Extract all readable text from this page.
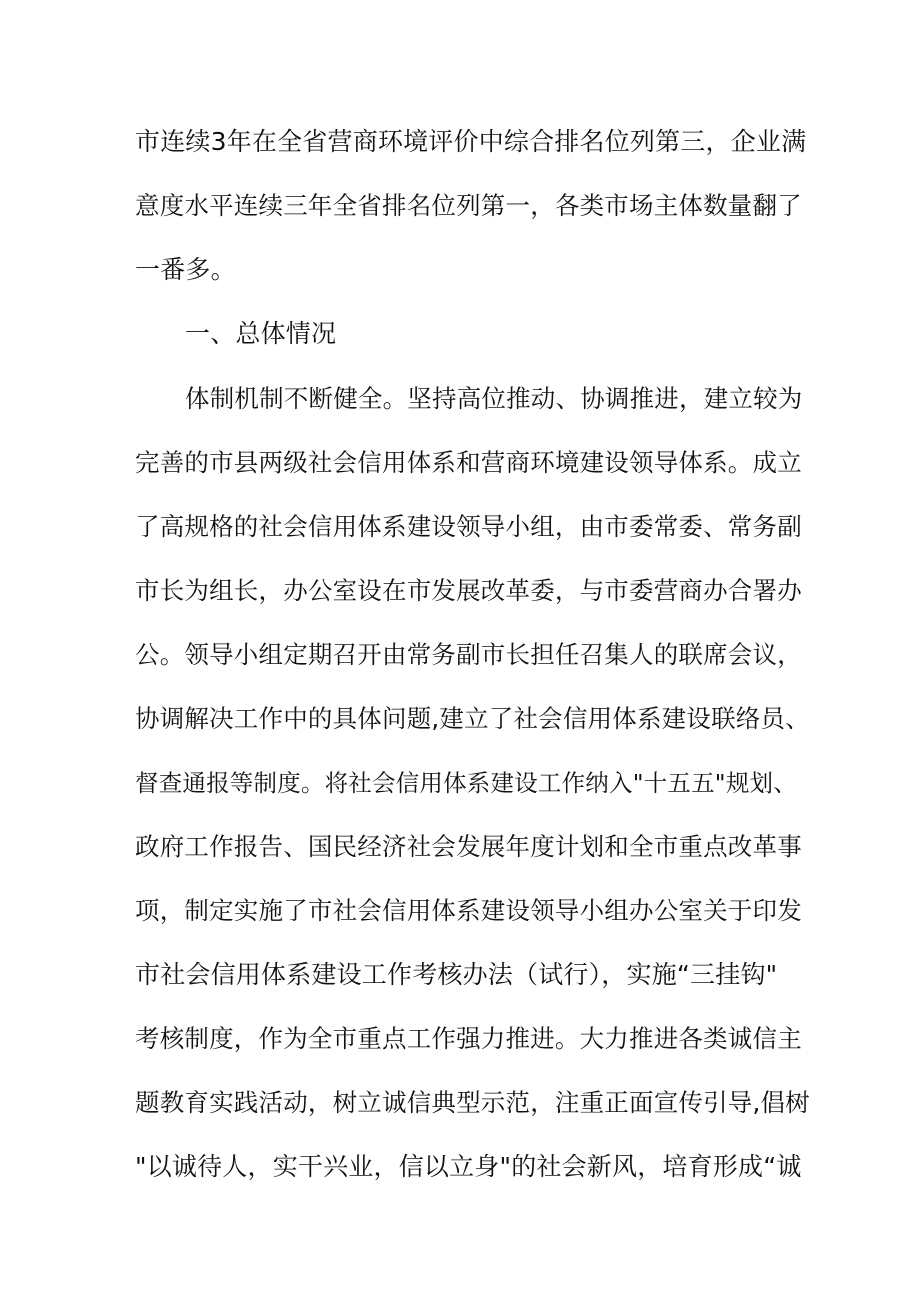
市连续3年在全省营商环境评价中综合排名位列第三，企业满
意度水平连续三年全省排名位列第一，各类市场主体数量翻了
一番多。
一、总体情况
体制机制不断健全。坚持高位推动、协调推进，建立较为
完善的市县两级社会信用体系和营商环境建设领导体系。成立
了高规格的社会信用体系建设领导小组，由市委常委、常务副
市长为组长，办公室设在市发展改革委，与市委营商办合署办
公。领导小组定期召开由常务副市长担任召集人的联席会议，
协调解决工作中的具体问题,建立了社会信用体系建设联络员、
督查通报等制度。将社会信用体系建设工作纳入"十五五"规划、
政府工作报告、国民经济社会发展年度计划和全市重点改革事
项，制定实施了市社会信用体系建设领导小组办公室关于印发
市社会信用体系建设工作考核办法（试行），实施“三挂钩"
考核制度，作为全市重点工作强力推进。大力推进各类诚信主
题教育实践活动，树立诚信典型示范，注重正面宣传引导,倡树
"以诚待人，实干兴业，信以立身"的社会新风，培育形成“诚
